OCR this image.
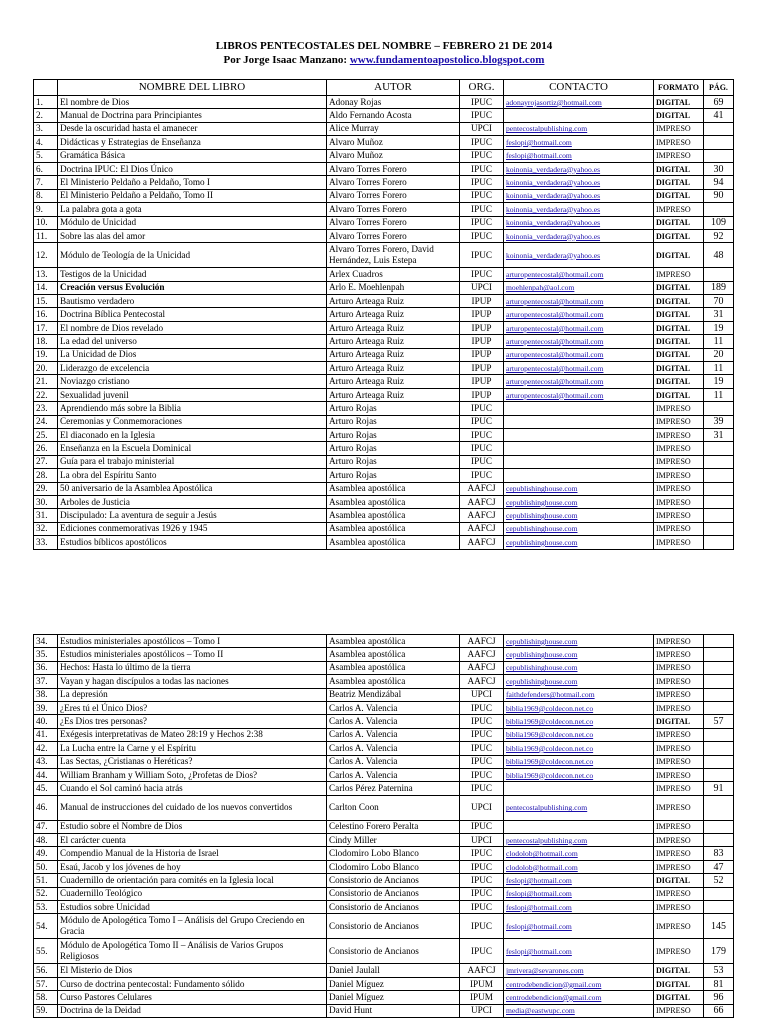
LIBROS PENTECOSTALES DEL NOMBRE – FEBRERO 21 DE 2014
Por Jorge Isaac Manzano: www.fundamentoapostolico.blogspot.com
	NOMBRE DEL LIBRO	AUTOR	ORG.	CONTACTO	FORMATO	PÁG.
1.	El nombre de Dios	Adonay Rojas	IPUC	adonayrojasortiz@hotmail.com	DIGITAL	69
2.	Manual de Doctrina para Principiantes	Aldo Fernando Acosta	IPUC		DIGITAL	41
3.	Desde la oscuridad hasta el amanecer	Alice Murray	UPCI	pentecostalpublishing.com	IMPRESO	
4.	Didácticas y Estrategias de Enseñanza	Alvaro Muñoz	IPUC	feslopi@hotmail.com	IMPRESO	
5.	Gramática Básica	Alvaro Muñoz	IPUC	feslopi@hotmail.com	IMPRESO	
6.	Doctrina IPUC: El Dios Único	Alvaro Torres Forero	IPUC	koinonia_verdadera@yahoo.es	DIGITAL	30
7.	El Ministerio Peldaño a Peldaño, Tomo I	Alvaro Torres Forero	IPUC	koinonia_verdadera@yahoo.es	DIGITAL	94
8.	El Ministerio Peldaño a Peldaño, Tomo II	Alvaro Torres Forero	IPUC	koinonia_verdadera@yahoo.es	DIGITAL	90
9.	La palabra gota a gota	Alvaro Torres Forero	IPUC	koinonia_verdadera@yahoo.es	IMPRESO	
10.	Módulo de Unicidad	Alvaro Torres Forero	IPUC	koinonia_verdadera@yahoo.es	DIGITAL	109
11.	Sobre las alas del amor	Alvaro Torres Forero	IPUC	koinonia_verdadera@yahoo.es	DIGITAL	92
12.	Módulo de Teología de la Unicidad	Alvaro Torres Forero, David Hernández, Luis Estepa	IPUC	koinonia_verdadera@yahoo.es	DIGITAL	48
13.	Testigos de la Unicidad	Arlex Cuadros	IPUC	arturopentecostal@hotmail.com	IMPRESO	
14.	Creación versus Evolución	Arlo E. Moehlenpah	UPCI	moehlenpah@aol.com	DIGITAL	189
15.	Bautismo verdadero	Arturo Arteaga Ruiz	IPUP	arturopentecostal@hotmail.com	DIGITAL	70
16.	Doctrina Bíblica Pentecostal	Arturo Arteaga Ruiz	IPUP	arturopentecostal@hotmail.com	DIGITAL	31
17.	El nombre de Dios revelado	Arturo Arteaga Ruiz	IPUP	arturopentecostal@hotmail.com	DIGITAL	19
18.	La edad del universo	Arturo Arteaga Ruiz	IPUP	arturopentecostal@hotmail.com	DIGITAL	11
19.	La Unicidad de Dios	Arturo Arteaga Ruiz	IPUP	arturopentecostal@hotmail.com	DIGITAL	20
20.	Liderazgo de excelencia	Arturo Arteaga Ruiz	IPUP	arturopentecostal@hotmail.com	DIGITAL	11
21.	Noviazgo cristiano	Arturo Arteaga Ruiz	IPUP	arturopentecostal@hotmail.com	DIGITAL	19
22.	Sexualidad juvenil	Arturo Arteaga Ruiz	IPUP	arturopentecostal@hotmail.com	DIGITAL	11
23.	Aprendiendo más sobre la Biblia	Arturo Rojas	IPUC		IMPRESO	
24.	Ceremonias y Conmemoraciones	Arturo Rojas	IPUC		IMPRESO	39
25.	El diaconado en la Iglesia	Arturo Rojas	IPUC		IMPRESO	31
26.	Enseñanza en la Escuela Dominical	Arturo Rojas	IPUC		IMPRESO	
27.	Guía para el trabajo ministerial	Arturo Rojas	IPUC		IMPRESO	
28.	La obra del Espíritu Santo	Arturo Rojas	IPUC		IMPRESO	
29.	50 aniversario de la Asamblea Apostólica	Asamblea apostólica	AAFCJ	cepublishinghouse.com	IMPRESO	
30.	Arboles de Justicia	Asamblea apostólica	AAFCJ	cepublishinghouse.com	IMPRESO	
31.	Discipulado: La aventura de seguir a Jesús	Asamblea apostólica	AAFCJ	cepublishinghouse.com	IMPRESO	
32.	Ediciones conmemorativas 1926 y 1945	Asamblea apostólica	AAFCJ	cepublishinghouse.com	IMPRESO	
33.	Estudios bíblicos apostólicos	Asamblea apostólica	AAFCJ	cepublishinghouse.com	IMPRESO	
34.	Estudios ministeriales apostólicos – Tomo I	Asamblea apostólica	AAFCJ	cepublishinghouse.com	IMPRESO	
35.	Estudios ministeriales apostólicos – Tomo II	Asamblea apostólica	AAFCJ	cepublishinghouse.com	IMPRESO	
36.	Hechos: Hasta lo último de la tierra	Asamblea apostólica	AAFCJ	cepublishinghouse.com	IMPRESO	
37.	Vayan y hagan discípulos a todas las naciones	Asamblea apostólica	AAFCJ	cepublishinghouse.com	IMPRESO	
38.	La depresión	Beatriz Mendizábal	UPCI	faithdefenders@hotmail.com	IMPRESO	
39.	¿Eres tú el Único Dios?	Carlos A. Valencia	IPUC	biblia1969@coldecon.net.co	IMPRESO	
40.	¿Es Dios tres personas?	Carlos A. Valencia	IPUC	biblia1969@coldecon.net.co	DIGITAL	57
41.	Exégesis interpretativas de Mateo 28:19 y Hechos 2:38	Carlos A. Valencia	IPUC	biblia1969@coldecon.net.co	IMPRESO	
42.	La Lucha entre la Carne y el Espíritu	Carlos A. Valencia	IPUC	biblia1969@coldecon.net.co	IMPRESO	
43.	Las Sectas, ¿Cristianas o Heréticas?	Carlos A. Valencia	IPUC	biblia1969@coldecon.net.co	IMPRESO	
44.	William Branham y William Soto, ¿Profetas de Dios?	Carlos A. Valencia	IPUC	biblia1969@coldecon.net.co	IMPRESO	
45.	Cuando el Sol caminó hacia atrás	Carlos Pérez Paternina	IPUC		IMPRESO	91
46.	Manual de instrucciones del cuidado de los nuevos convertidos	Carlton Coon	UPCI	pentecostalpublishing.com	IMPRESO	
47.	Estudio sobre el Nombre de Dios	Celestino Forero Peralta	IPUC		IMPRESO	
48.	El carácter cuenta	Cindy Miller	UPCI	pentecostalpublishing.com	IMPRESO	
49.	Compendio Manual de la Historia de Israel	Clodomiro Lobo Blanco	IPUC	clodolob@hotmail.com	IMPRESO	83
50.	Esaú, Jacob y los jóvenes de hoy	Clodomiro Lobo Blanco	IPUC	clodolob@hotmail.com	IMPRESO	47
51.	Cuadernillo de orientación para comités en la Iglesia local	Consistorio de Ancianos	IPUC	feslopi@hotmail.com	DIGITAL	52
52.	Cuadernillo Teológico	Consistorio de Ancianos	IPUC	feslopi@hotmail.com	IMPRESO	
53.	Estudios sobre Unicidad	Consistorio de Ancianos	IPUC	feslopi@hotmail.com	IMPRESO	
54.	Módulo de Apologética Tomo I – Análisis del Grupo Creciendo en Gracia	Consistorio de Ancianos	IPUC	feslopi@hotmail.com	IMPRESO	145
55.	Módulo de Apologética Tomo II – Análisis de Varios Grupos Religiosos	Consistorio de Ancianos	IPUC	feslopi@hotmail.com	IMPRESO	179
56.	El Misterio de Dios	Daniel Jaulall	AAFCJ	jmrivera@sevarones.com	DIGITAL	53
57.	Curso de doctrina pentecostal: Fundamento sólido	Daniel Míguez	IPUM	centrodebendicion@gmail.com	DIGITAL	81
58.	Curso Pastores Celulares	Daniel Míguez	IPUM	centrodebendicion@gmail.com	DIGITAL	96
59.	Doctrina de la Deidad	David Hunt	UPCI	media@eastwupc.com	IMPRESO	66
